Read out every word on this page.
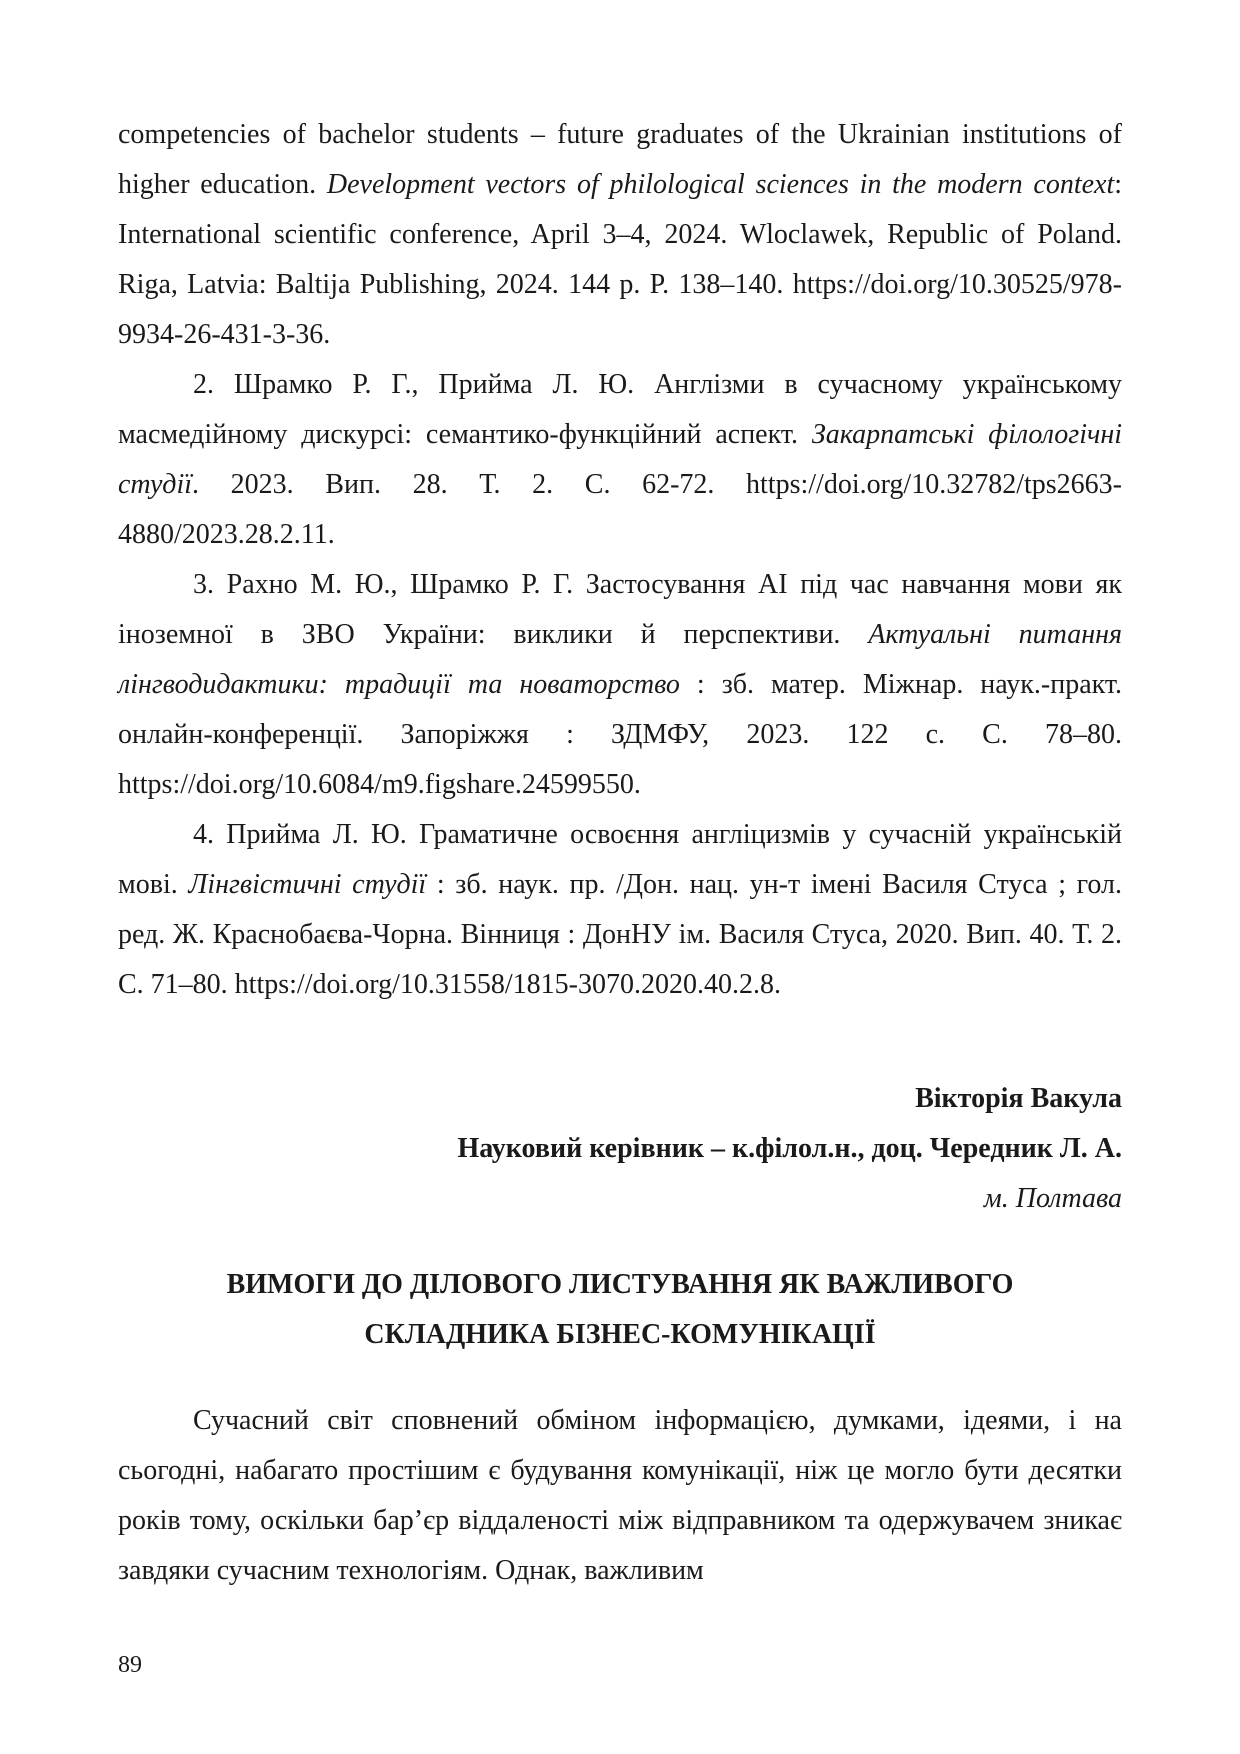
competencies of bachelor students – future graduates of the Ukrainian institutions of higher education. Development vectors of philological sciences in the modern context: International scientific conference, April 3–4, 2024. Wloclawek, Republic of Poland. Riga, Latvia: Baltija Publishing, 2024. 144 p. P. 138–140. https://doi.org/10.30525/978-9934-26-431-3-36.

2. Шрамко Р. Г., Прийма Л. Ю. Англізми в сучасному українському масмедійному дискурсі: семантико-функційний аспект. Закарпатські філологічні студії. 2023. Вип. 28. Т. 2. С. 62-72. https://doi.org/10.32782/tps2663-4880/2023.28.2.11.

3. Рахно М. Ю., Шрамко Р. Г. Застосування AI під час навчання мови як іноземної в ЗВО України: виклики й перспективи. Актуальні питання лінгводидактики: традиції та новаторство : зб. матер. Міжнар. наук.-практ. онлайн-конференції. Запоріжжя : ЗДМФУ, 2023. 122 с. С. 78–80. https://doi.org/10.6084/m9.figshare.24599550.

4. Прийма Л. Ю. Граматичне освоєння англіцизмів у сучасній українській мові. Лінгвістичні студії : зб. наук. пр. /Дон. нац. ун-т імені Василя Стуса ; гол. ред. Ж. Краснобаєва-Чорна. Вінниця : ДонНУ ім. Василя Стуса, 2020. Вип. 40. Т. 2. С. 71–80. https://doi.org/10.31558/1815-3070.2020.40.2.8.

Вікторія Вакула
Науковий керівник – к.філол.н., доц. Чередник Л. А.
м. Полтава
ВИМОГИ ДО ДІЛОВОГО ЛИСТУВАННЯ ЯК ВАЖЛИВОГО
СКЛАДНИКА БІЗНЕС-КОМУНІКАЦІЇ

Сучасний світ сповнений обміном інформацією, думками, ідеями, і на сьогодні, набагато простішим є будування комунікації, ніж це могло бути десятки років тому, оскільки бар’єр віддаленості між відправником та одержувачем зникає завдяки сучасним технологіям. Однак, важливим

89
